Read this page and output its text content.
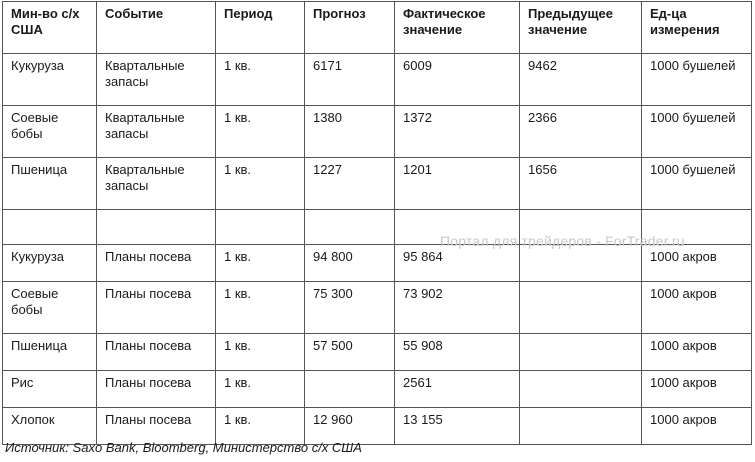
Мин-во с/х США	Событие	Период	Прогноз	Фактическое значение	Предыдущее значение	Ед-ца измерения
Кукуруза	Квартальные запасы	1 кв.	6171	6009	9462	1000 бушелей
Соевые бобы	Квартальные запасы	1 кв.	1380	1372	2366	1000 бушелей
Пшеница	Квартальные запасы	1 кв.	1227	1201	1656	1000 бушелей

Кукуруза	Планы посева	1 кв.	94 800	95 864		1000 акров
Соевые бобы	Планы посева	1 кв.	75 300	73 902		1000 акров
Пшеница	Планы посева	1 кв.	57 500	55 908		1000 акров
Рис	Планы посева	1 кв.		2561		1000 акров
Хлопок	Планы посева	1 кв.	12 960	13 155		1000 акров
Портал для трейдеров - ForTrader.ru
Источник: Saxo Bank, Bloomberg, Министерство с/х США
